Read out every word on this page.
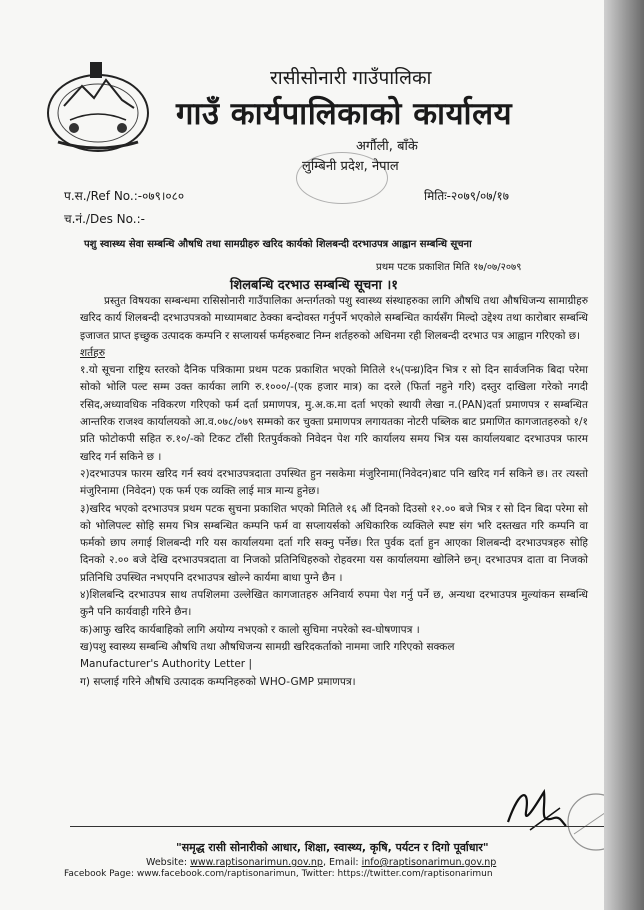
रासीसोनारी गाउँपालिका
गाउँ कार्यपालिकाको कार्यालय
अर्गौली, बाँके
लुम्बिनी प्रदेश, नेपाल
प.स./Ref No.:-०७९।०८०	मितिः-२०७९/०७/१७
च.नं./Des No.:-
पशु स्वास्थ्य सेवा सम्बन्धि औषधि तथा सामग्रीहरु खरिद कार्यको शिलबन्दी दरभाउपत्र आह्वान सम्बन्धि सूचना
प्रथम पटक प्रकाशित मिति १७/०७/२०७९
शिलबन्धि दरभाउ सम्बन्धि सूचना ।१

प्रस्तुत विषयका सम्बन्धमा रासिसोनारी गाउँपालिका अन्तर्गतको पशु स्वास्थ्य संस्थाहरुका लागि औषधि तथा औषधिजन्य सामाग्रीहरु खरिद कार्य शिलबन्दी दरभाउपत्रको माध्यामबाट ठेक्का बन्दोवस्त गर्नुपर्ने भएकोले सम्बन्धित कार्यसँग मिल्दो उद्देश्य तथा कारोबार सम्बन्धि इजाजत प्राप्त इच्छुक उत्पादक कम्पनि र सप्लायर्स फर्महरुबाट निम्न शर्तहरुको अधिनमा रही शिलबन्दी दरभाउ पत्र आह्वान गरिएको छ।

शर्तहरु

१.यो सूचना राष्ट्रिय स्तरको दैनिक पत्रिकामा प्रथम पटक प्रकाशित भएको मितिले १५(पन्ध्र)दिन भित्र र सो दिन सार्वजनिक बिदा परेमा सोको भोलि पल्ट सम्म उक्त कार्यका लागि रु.१०००/-(एक हजार मात्र) का दरले (फिर्ता नहुने गरि) दस्तुर दाखिला गरेको नगदी रसिद,अध्यावधिक नविकरण गरिएको फर्म दर्ता प्रमाणपत्र, मु.अ.क.मा दर्ता भएको स्थायी लेखा न.(PAN)दर्ता प्रमाणपत्र र सम्बन्धित आन्तरिक राजश्व कार्यालयको आ.व.०७८/०७९ सम्मको कर चुक्ता प्रमाणपत्र लगायतका नोटरी पब्लिक बाट प्रमाणित कागजातहरुको १/१ प्रति फोटोकपी सहित रु.१०/-को टिकट टाँसी रितपुर्वकको निवेदन पेश गरि कार्यालय समय भित्र यस कार्यालयबाट दरभाउपत्र फारम खरिद गर्न सकिने छ ।

२)दरभाउपत्र फारम खरिद गर्न स्वयं दरभाउपत्रदाता उपस्थित हुन नसकेमा मंजुरिनामा(निवेदन)बाट पनि खरिद गर्न सकिने छ। तर त्यस्तो मंजुरिनामा (निवेदन) एक फर्म एक व्यक्ति लाई मात्र मान्य हुनेछ।

३)खरिद भएको दरभाउपत्र प्रथम पटक सुचना प्रकाशित भएको मितिले १६ औं दिनको दिउसो १२.०० बजे भित्र र सो दिन बिदा परेमा सो को भोलिपल्ट सोहि समय भित्र सम्बन्धित कम्पनि फर्म वा सप्लायर्सको अधिकारिक व्यक्तिले स्पष्ट संग भरि दस्तखत गरि कम्पनि वा फर्मको छाप लगाई शिलबन्दी गरि यस कार्यालयमा दर्ता गरि सक्नु पर्नेछ। रित पुर्वक दर्ता हुन आएका शिलबन्दी दरभाउपत्रहरु सोहि दिनको २.०० बजे देखि दरभाउपत्रदाता वा निजको प्रतिनिधिहरुको रोहवरमा यस कार्यालयमा खोलिने छन्। दरभाउपत्र दाता वा निजको प्रतिनिधि उपस्थित नभएपनि दरभाउपत्र खोल्ने कार्यमा बाधा पुग्ने छैन ।

४)शिलबन्दि दरभाउपत्र साथ तपशिलमा उल्लेखित कागजातहरु अनिवार्य रुपमा पेश गर्नु पर्ने छ, अन्यथा दरभाउपत्र मुल्यांकन सम्बन्धि कुनै पनि कार्यवाही गरिने छैन।

क)आफु खरिद कार्यबाहिको लागि अयोग्य नभएको र कालो सुचिमा नपरेको स्व-घोषणापत्र ।

ख)पशु स्वास्थ्य सम्बन्धि औषधि तथा औषधिजन्य सामग्री खरिदकर्ताको नाममा जारि गरिएको सक्कल

Manufacturer's Authority Letter |

ग) सप्लाई गरिने औषधि उत्पादक कम्पनिहरुको WHO-GMP प्रमाणपत्र।

"समृद्ध रासी सोनारीको आधार, शिक्षा, स्वास्थ्य, कृषि, पर्यटन र दिगो पूर्वाधार"
Website: www.raptisonarimun.gov.np, Email: info@raptisonarimun.gov.np
Facebook Page: www.facebook.com/raptisonarimun, Twitter: https://twitter.com/raptisonarimun
